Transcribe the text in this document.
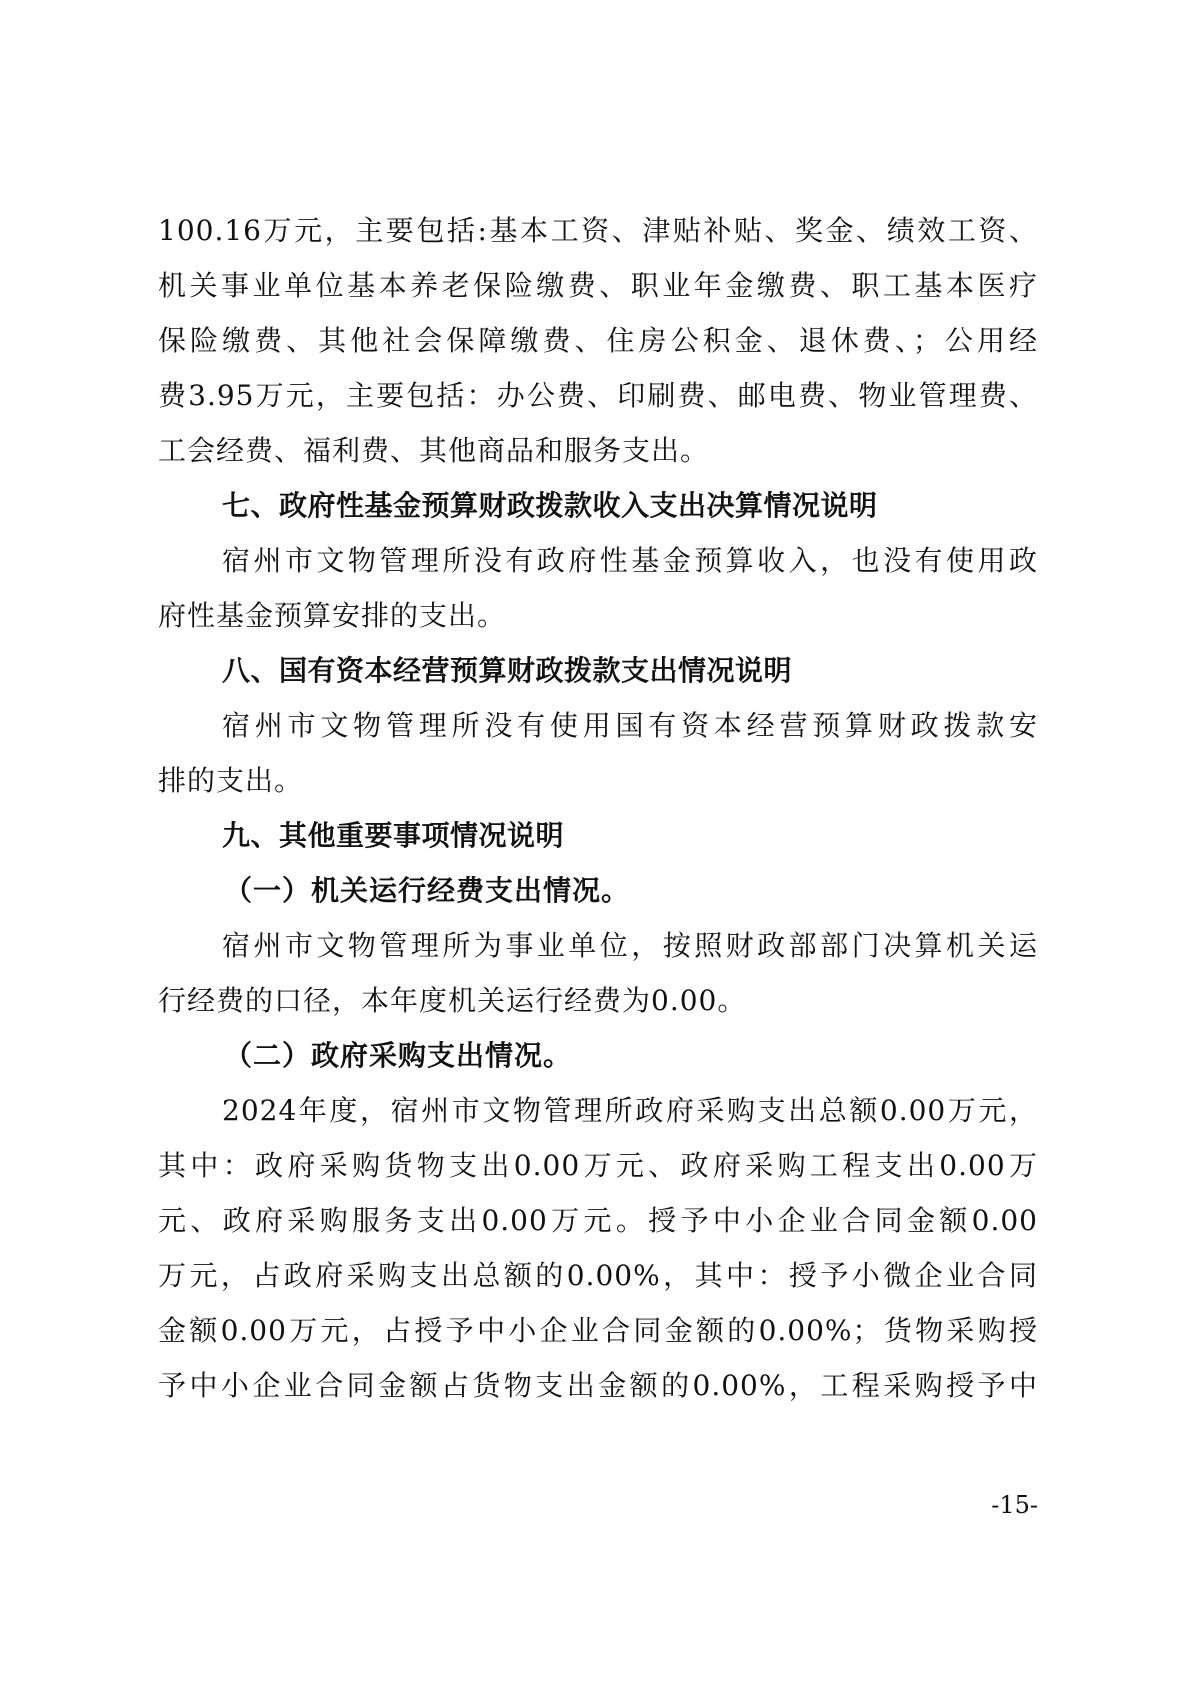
100.16万元，主要包括:基本工资、津贴补贴、奖金、绩效工资、
机关事业单位基本养老保险缴费、职业年金缴费、职工基本医疗
保险缴费、其他社会保障缴费、住房公积金、退休费、；公用经
费3.95万元，主要包括：办公费、印刷费、邮电费、物业管理费、
工会经费、福利费、其他商品和服务支出。
七、政府性基金预算财政拨款收入支出决算情况说明
宿州市文物管理所没有政府性基金预算收入，也没有使用政
府性基金预算安排的支出。
八、国有资本经营预算财政拨款支出情况说明
宿州市文物管理所没有使用国有资本经营预算财政拨款安
排的支出。
九、其他重要事项情况说明
（一）机关运行经费支出情况。
宿州市文物管理所为事业单位，按照财政部部门决算机关运
行经费的口径，本年度机关运行经费为0.00。
（二）政府采购支出情况。
2024年度，宿州市文物管理所政府采购支出总额0.00万元，
其中：政府采购货物支出0.00万元、政府采购工程支出0.00万
元、政府采购服务支出0.00万元。授予中小企业合同金额0.00
万元，占政府采购支出总额的0.00%，其中：授予小微企业合同
金额0.00万元，占授予中小企业合同金额的0.00%；货物采购授
予中小企业合同金额占货物支出金额的0.00%，工程采购授予中
-15-
